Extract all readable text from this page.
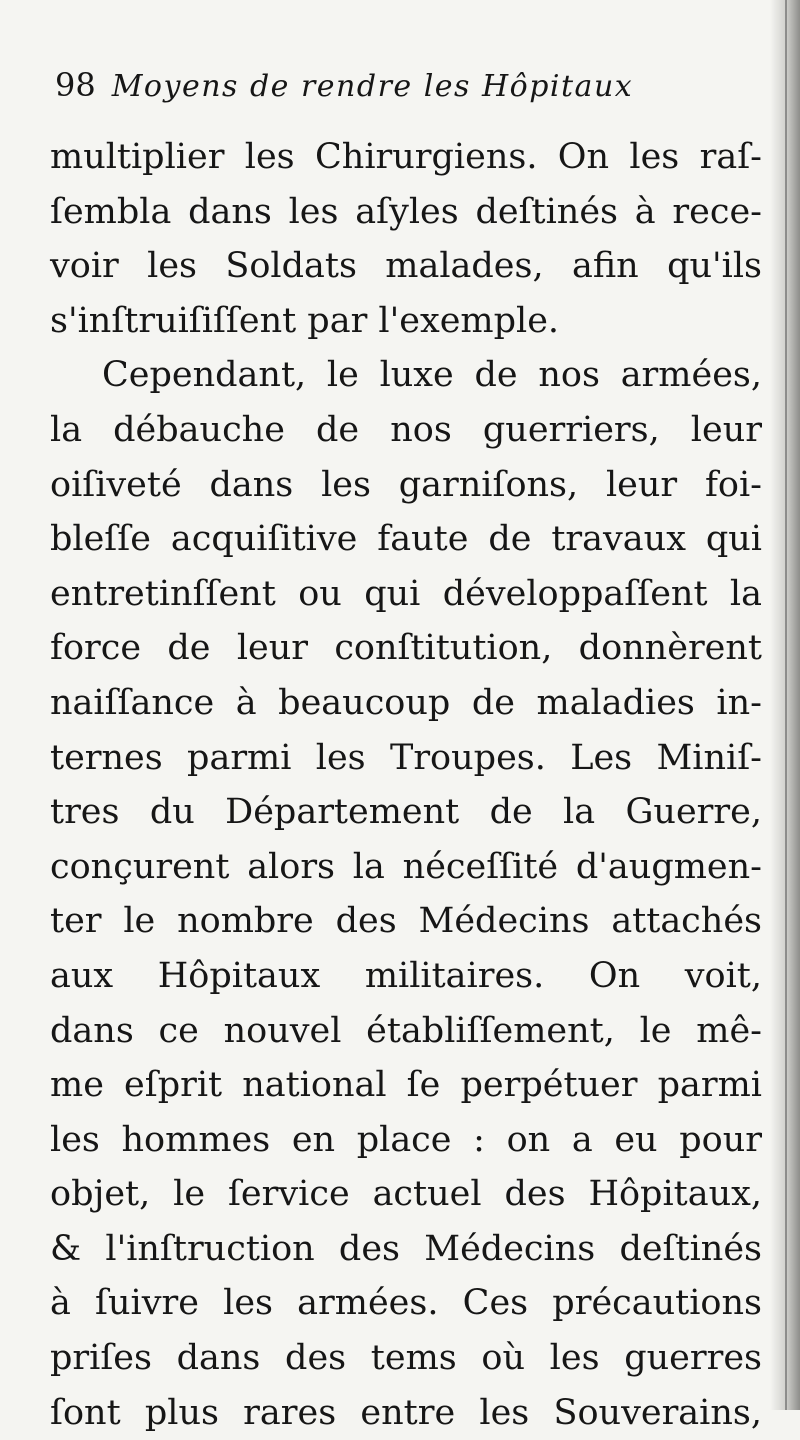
98 Moyens de rendre les Hôpitaux
multiplier les Chirurgiens. On les raſ-
ſembla dans les aſyles deſtinés à rece-
voir les Soldats malades, afin qu'ils
s'inſtruiſiſſent par l'exemple.
Cependant, le luxe de nos armées,
la débauche de nos guerriers, leur
oiſiveté dans les garniſons, leur foi-
bleſſe acquiſitive faute de travaux qui
entretinſſent ou qui développaſſent la
force de leur conſtitution, donnèrent
naiſſance à beaucoup de maladies in-
ternes parmi les Troupes. Les Miniſ-
tres du Département de la Guerre,
conçurent alors la néceſſité d'augmen-
ter le nombre des Médecins attachés
aux Hôpitaux militaires. On voit,
dans ce nouvel établiſſement, le mê-
me eſprit national ſe perpétuer parmi
les hommes en place : on a eu pour
objet, le ſervice actuel des Hôpitaux,
& l'inſtruction des Médecins deſtinés
à ſuivre les armées. Ces précautions
priſes dans des tems où les guerres
ſont plus rares entre les Souverains,
